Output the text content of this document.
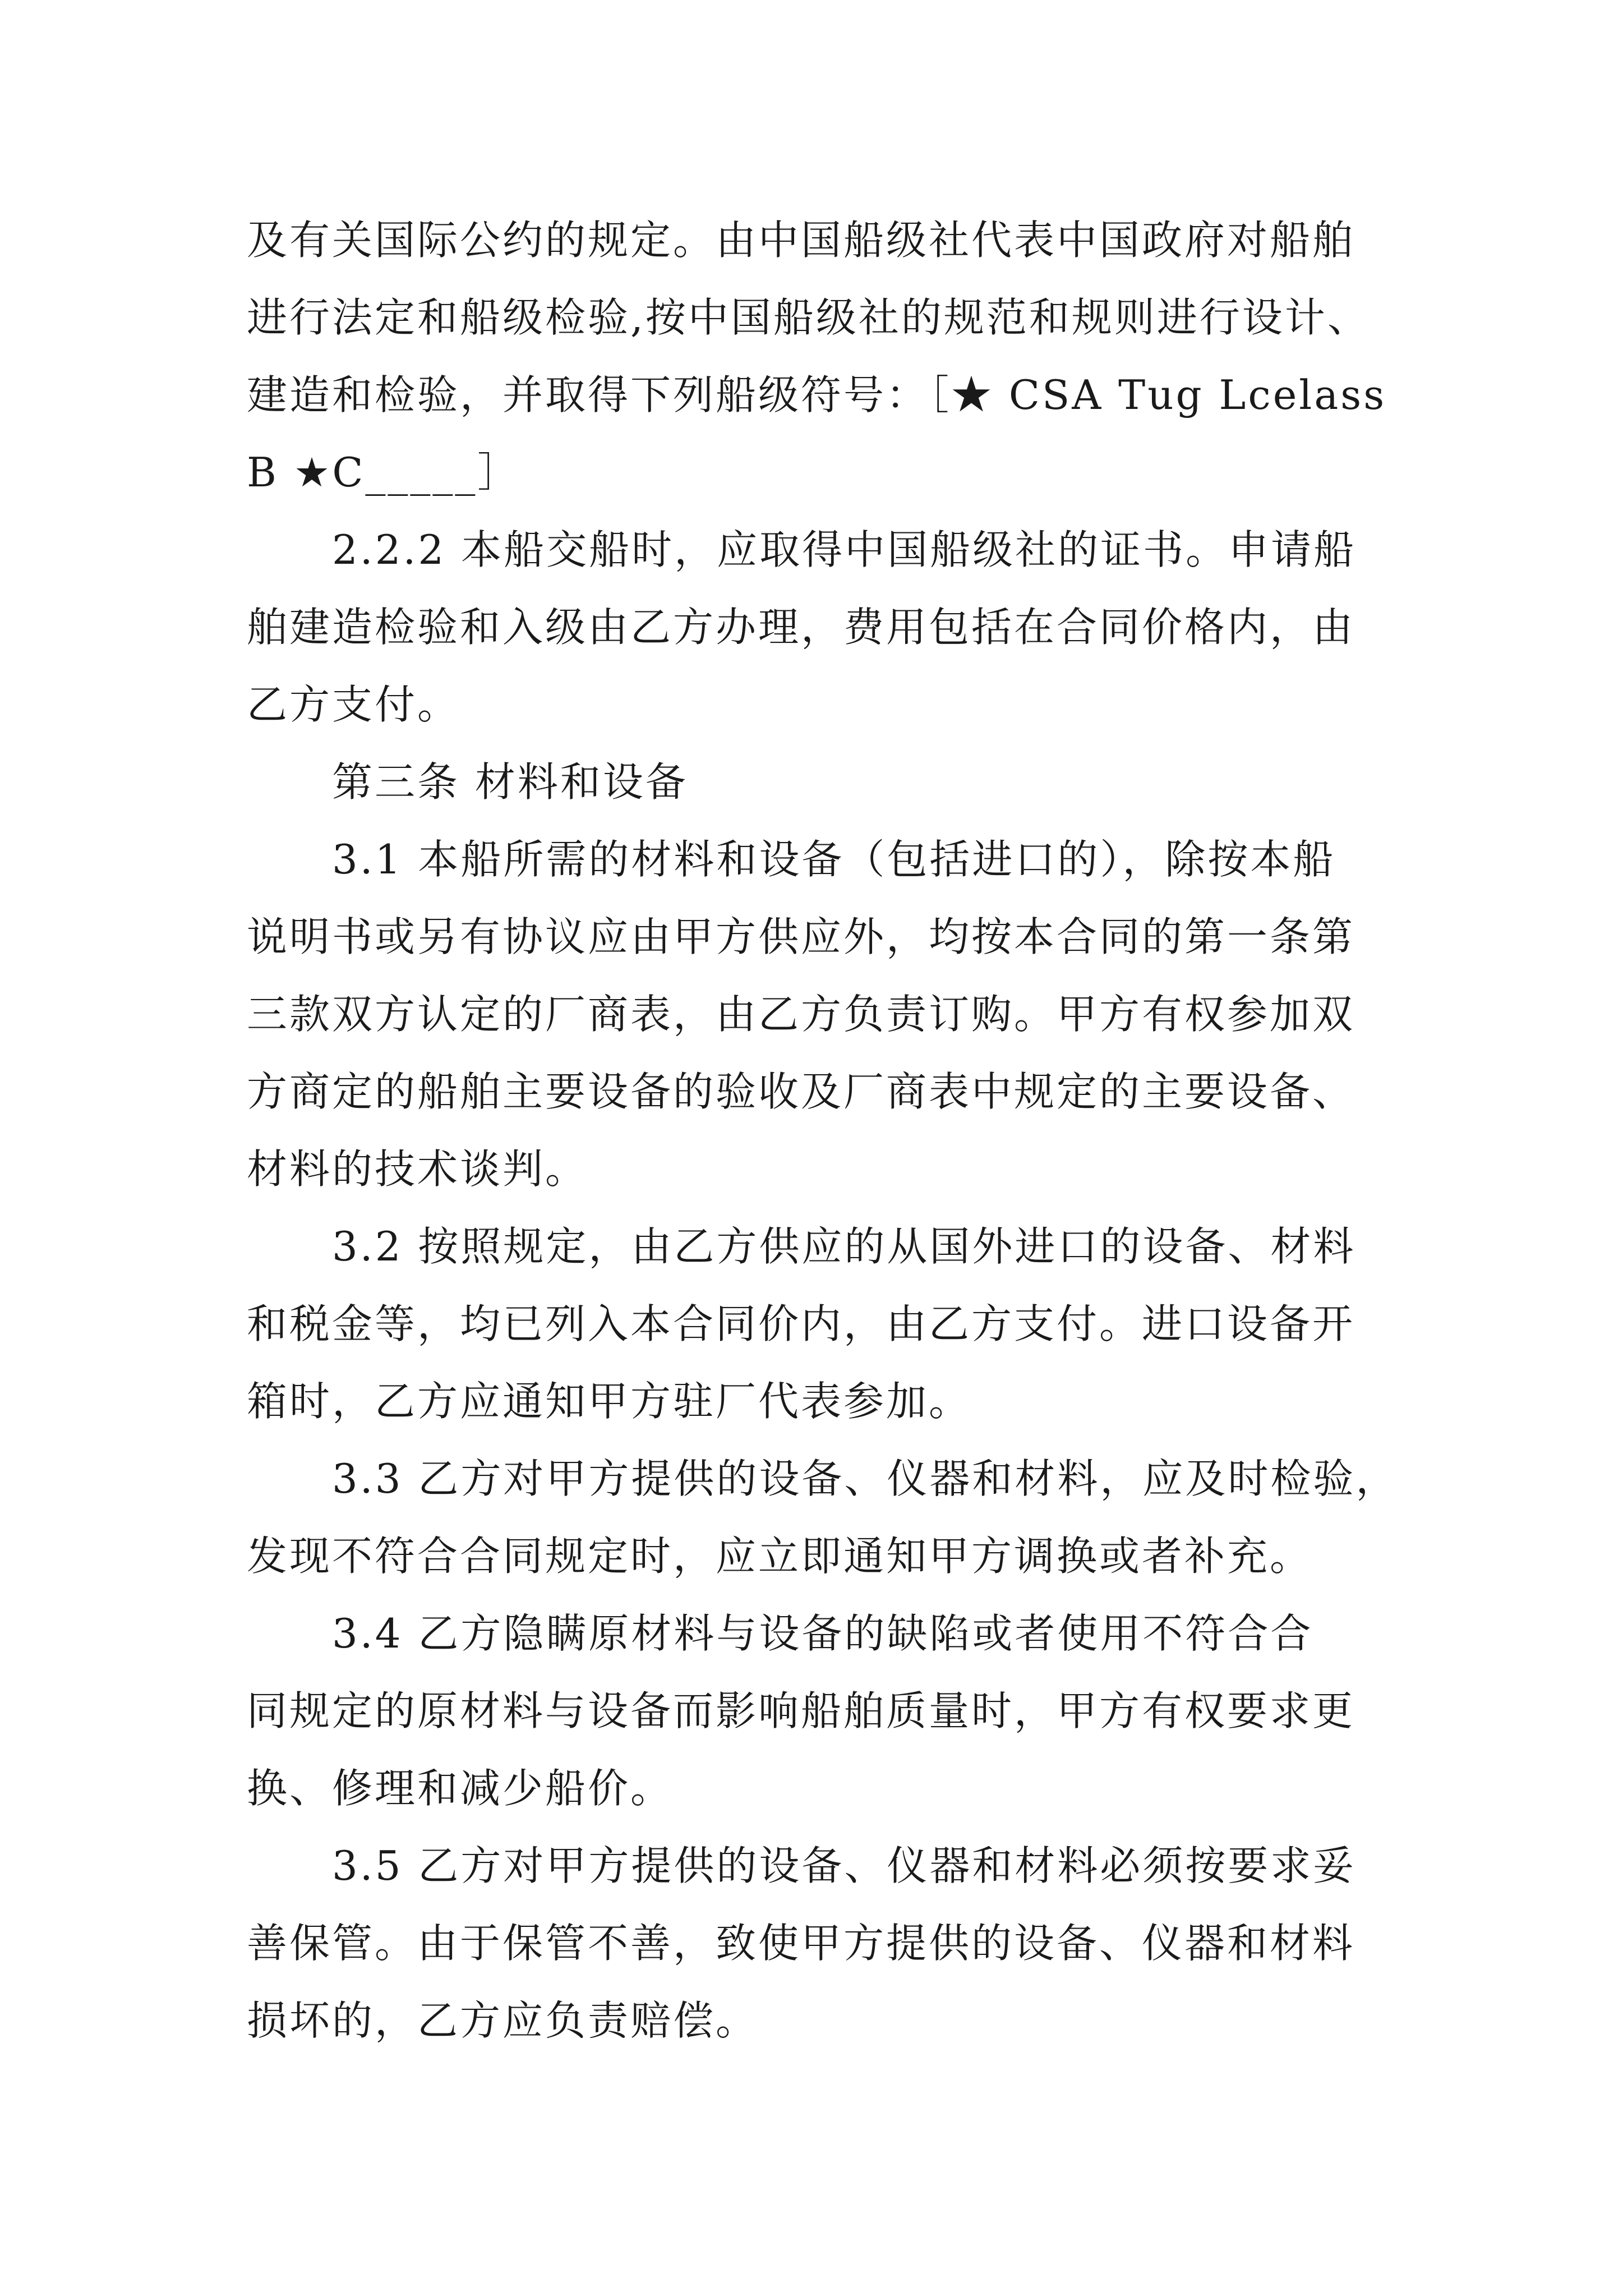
及有关国际公约的规定。由中国船级社代表中国政府对船舶

进行法定和船级检验,按中国船级社的规范和规则进行设计、

建造和检验，并取得下列船级符号：［★ CSA Tug Lcelass

B ★C_____］

2.2.2 本船交船时，应取得中国船级社的证书。申请船

舶建造检验和入级由乙方办理，费用包括在合同价格内，由

乙方支付。

第三条 材料和设备

3.1 本船所需的材料和设备（包括进口的），除按本船

说明书或另有协议应由甲方供应外，均按本合同的第一条第

三款双方认定的厂商表，由乙方负责订购。甲方有权参加双

方商定的船舶主要设备的验收及厂商表中规定的主要设备、

材料的技术谈判。

3.2 按照规定，由乙方供应的从国外进口的设备、材料

和税金等，均已列入本合同价内，由乙方支付。进口设备开

箱时，乙方应通知甲方驻厂代表参加。

3.3 乙方对甲方提供的设备、仪器和材料，应及时检验，

发现不符合合同规定时，应立即通知甲方调换或者补充。

3.4 乙方隐瞒原材料与设备的缺陷或者使用不符合合

同规定的原材料与设备而影响船舶质量时，甲方有权要求更

换、修理和减少船价。

3.5 乙方对甲方提供的设备、仪器和材料必须按要求妥

善保管。由于保管不善，致使甲方提供的设备、仪器和材料

损坏的，乙方应负责赔偿。
